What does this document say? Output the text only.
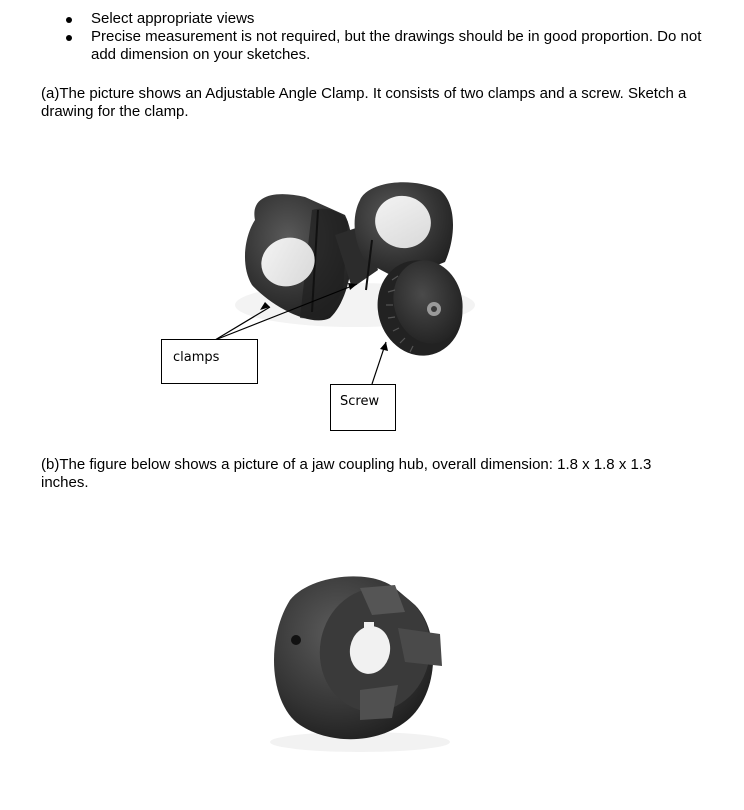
Select appropriate views
Precise measurement is not required, but the drawings should be in good proportion. Do not add dimension on your sketches.

(a)The picture shows an Adjustable Angle Clamp. It consists of two clamps and a screw. Sketch a drawing for the clamp.

clamps
Screw

(b)The figure below shows a picture of a jaw coupling hub, overall dimension: 1.8 x 1.8 x 1.3 inches.
